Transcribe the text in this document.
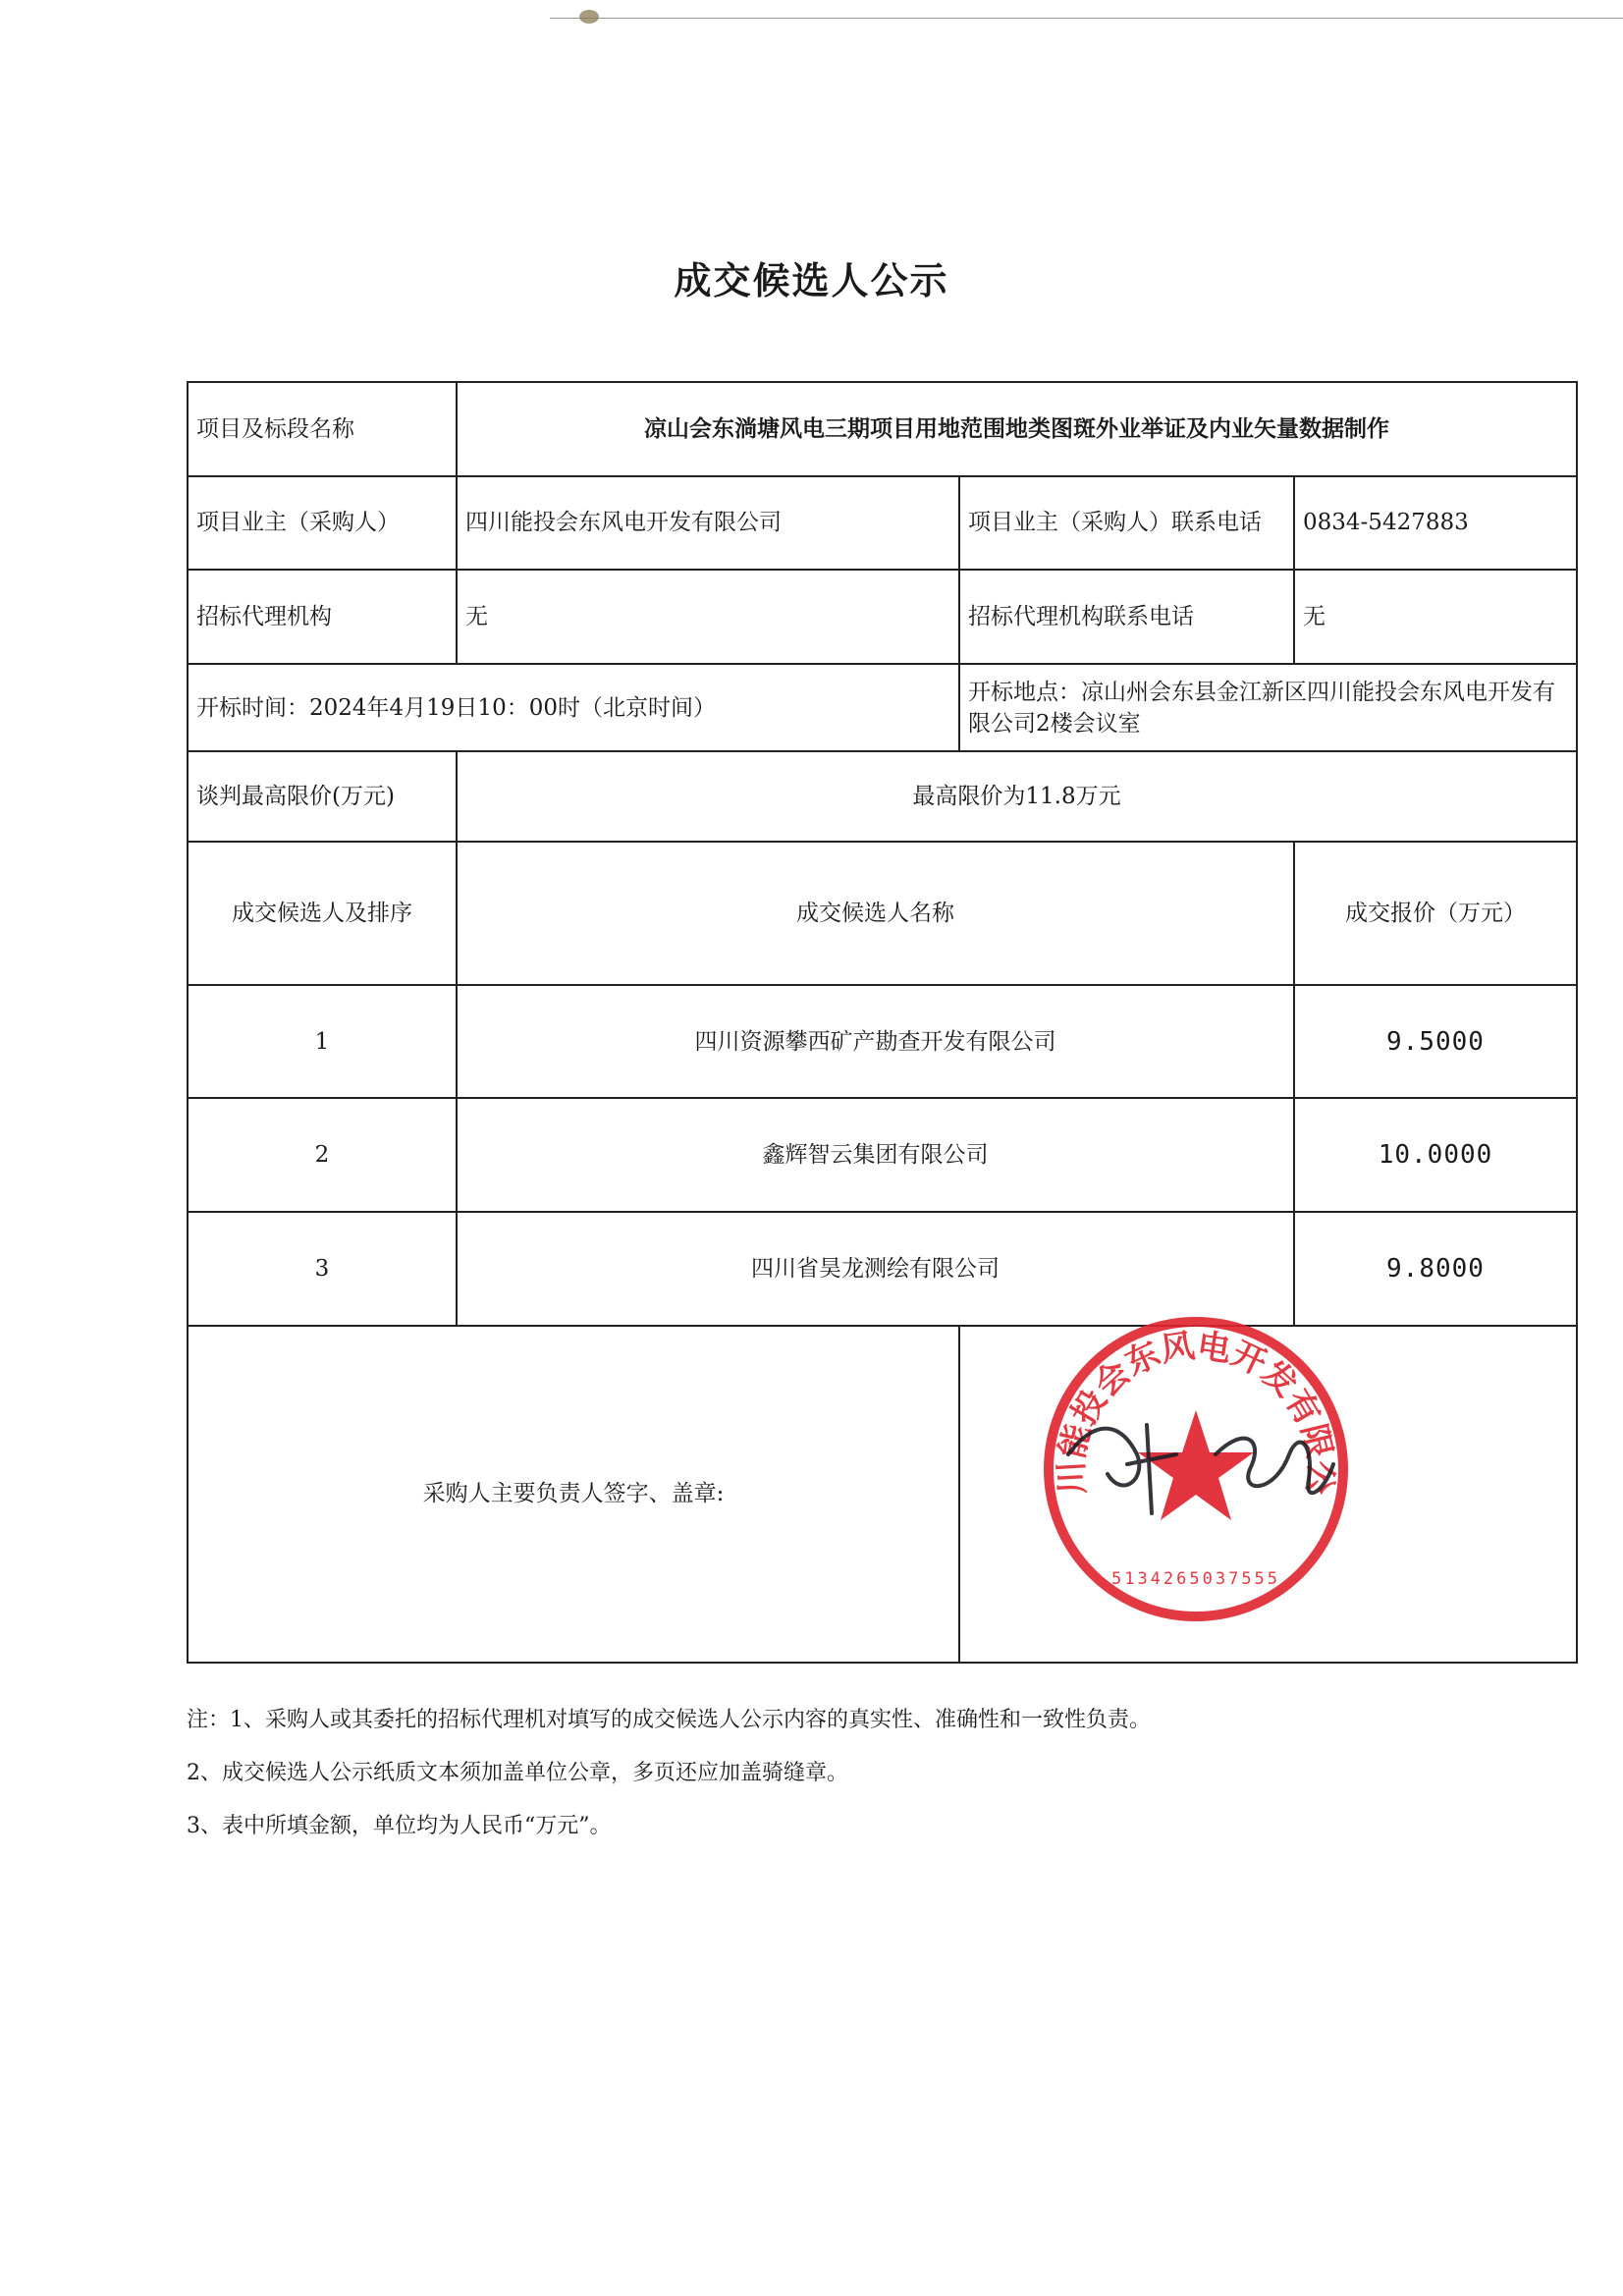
成交候选人公示
项目及标段名称	凉山会东淌塘风电三期项目用地范围地类图斑外业举证及内业矢量数据制作		
项目业主（采购人）	四川能投会东风电开发有限公司	项目业主（采购人）联系电话	0834-5427883
招标代理机构	无	招标代理机构联系电话	无
开标时间：2024年4月19日10：00时（北京时间）		开标地点：凉山州会东县金江新区四川能投会东风电开发有限公司2楼会议室	
谈判最高限价(万元)	最高限价为11.8万元		
成交候选人及排序	成交候选人名称		成交报价（万元）
1	四川资源攀西矿产勘查开发有限公司		9.5000
2	鑫辉智云集团有限公司		10.0000
3	四川省昊龙测绘有限公司		9.8000
采购人主要负责人签字、盖章:		川能投会东风电开发有限公
5134265037555	

注：1、采购人或其委托的招标代理机对填写的成交候选人公示内容的真实性、准确性和一致性负责。

2、成交候选人公示纸质文本须加盖单位公章，多页还应加盖骑缝章。

3、表中所填金额，单位均为人民币“万元”。
